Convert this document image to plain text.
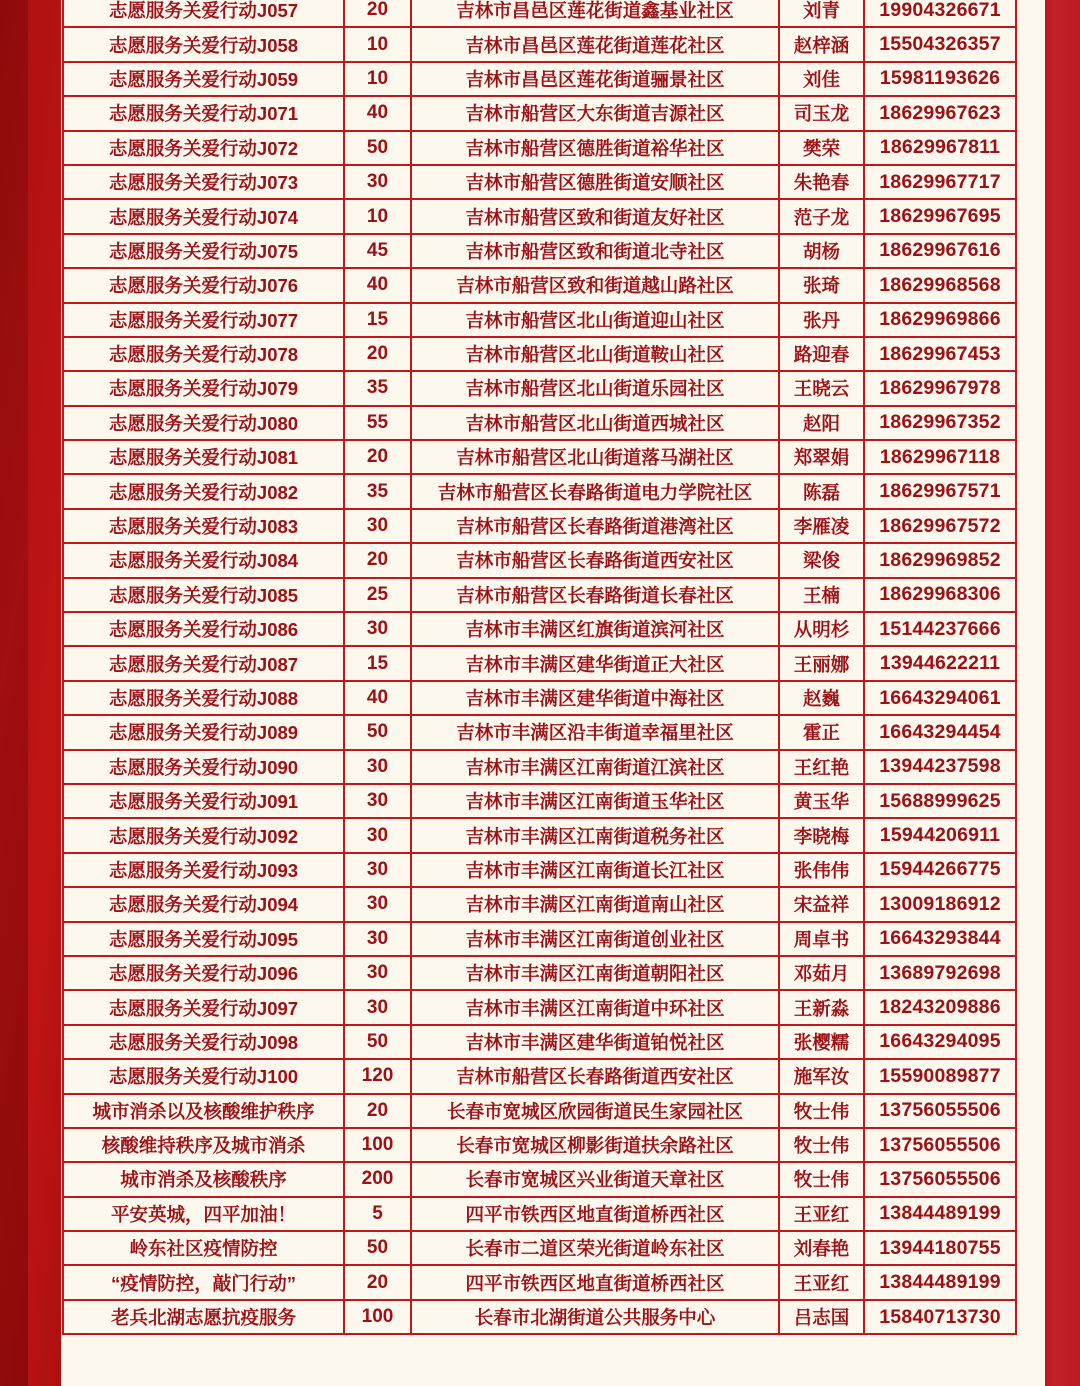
志愿服务关爱行动J057	20	吉林市昌邑区莲花街道鑫基业社区	刘青	19904326671
志愿服务关爱行动J058	10	吉林市昌邑区莲花街道莲花社区	赵梓涵	15504326357
志愿服务关爱行动J059	10	吉林市昌邑区莲花街道骊景社区	刘佳	15981193626
志愿服务关爱行动J071	40	吉林市船营区大东街道吉源社区	司玉龙	18629967623
志愿服务关爱行动J072	50	吉林市船营区德胜街道裕华社区	樊荣	18629967811
志愿服务关爱行动J073	30	吉林市船营区德胜街道安顺社区	朱艳春	18629967717
志愿服务关爱行动J074	10	吉林市船营区致和街道友好社区	范子龙	18629967695
志愿服务关爱行动J075	45	吉林市船营区致和街道北寺社区	胡杨	18629967616
志愿服务关爱行动J076	40	吉林市船营区致和街道越山路社区	张琦	18629968568
志愿服务关爱行动J077	15	吉林市船营区北山街道迎山社区	张丹	18629969866
志愿服务关爱行动J078	20	吉林市船营区北山街道鞍山社区	路迎春	18629967453
志愿服务关爱行动J079	35	吉林市船营区北山街道乐园社区	王晓云	18629967978
志愿服务关爱行动J080	55	吉林市船营区北山街道西城社区	赵阳	18629967352
志愿服务关爱行动J081	20	吉林市船营区北山街道落马湖社区	郑翠娟	18629967118
志愿服务关爱行动J082	35	吉林市船营区长春路街道电力学院社区	陈磊	18629967571
志愿服务关爱行动J083	30	吉林市船营区长春路街道港湾社区	李雁凌	18629967572
志愿服务关爱行动J084	20	吉林市船营区长春路街道西安社区	梁俊	18629969852
志愿服务关爱行动J085	25	吉林市船营区长春路街道长春社区	王楠	18629968306
志愿服务关爱行动J086	30	吉林市丰满区红旗街道滨河社区	从明杉	15144237666
志愿服务关爱行动J087	15	吉林市丰满区建华街道正大社区	王丽娜	13944622211
志愿服务关爱行动J088	40	吉林市丰满区建华街道中海社区	赵巍	16643294061
志愿服务关爱行动J089	50	吉林市丰满区沿丰街道幸福里社区	霍正	16643294454
志愿服务关爱行动J090	30	吉林市丰满区江南街道江滨社区	王红艳	13944237598
志愿服务关爱行动J091	30	吉林市丰满区江南街道玉华社区	黄玉华	15688999625
志愿服务关爱行动J092	30	吉林市丰满区江南街道税务社区	李晓梅	15944206911
志愿服务关爱行动J093	30	吉林市丰满区江南街道长江社区	张伟伟	15944266775
志愿服务关爱行动J094	30	吉林市丰满区江南街道南山社区	宋益祥	13009186912
志愿服务关爱行动J095	30	吉林市丰满区江南街道创业社区	周卓书	16643293844
志愿服务关爱行动J096	30	吉林市丰满区江南街道朝阳社区	邓茹月	13689792698
志愿服务关爱行动J097	30	吉林市丰满区江南街道中环社区	王新淼	18243209886
志愿服务关爱行动J098	50	吉林市丰满区建华街道铂悦社区	张樱糯	16643294095
志愿服务关爱行动J100	120	吉林市船营区长春路街道西安社区	施军汝	15590089877
城市消杀以及核酸维护秩序	20	长春市宽城区欣园街道民生家园社区	牧士伟	13756055506
核酸维持秩序及城市消杀	100	长春市宽城区柳影街道扶余路社区	牧士伟	13756055506
城市消杀及核酸秩序	200	长春市宽城区兴业街道天章社区	牧士伟	13756055506
平安英城，四平加油！	5	四平市铁西区地直街道桥西社区	王亚红	13844489199
岭东社区疫情防控	50	长春市二道区荣光街道岭东社区	刘春艳	13944180755
“疫情防控，敲门行动”	20	四平市铁西区地直街道桥西社区	王亚红	13844489199
老兵北湖志愿抗疫服务	100	长春市北湖街道公共服务中心	吕志国	15840713730
